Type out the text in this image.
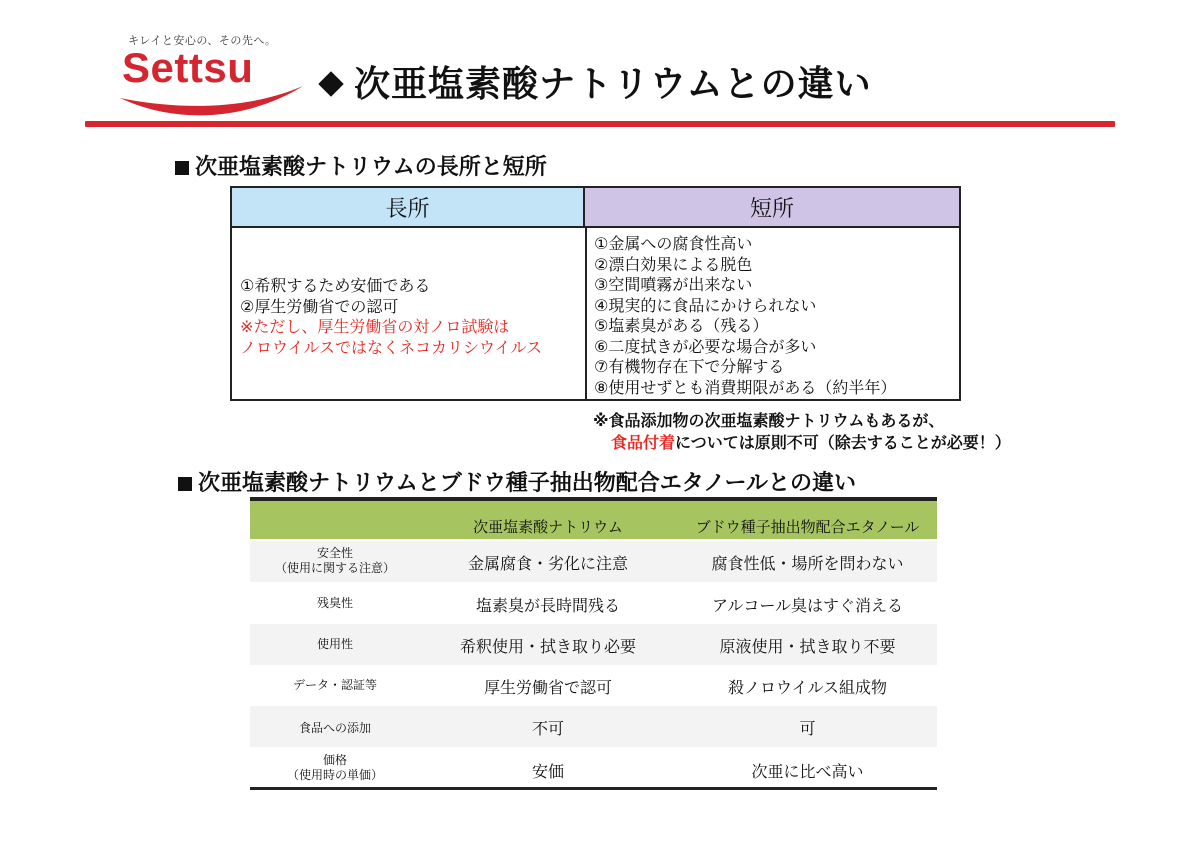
キレイと安心の、その先へ。
Settsu	次亜塩素酸ナトリウムとの違い
次亜塩素酸ナトリウムの長所と短所
長所	短所
①希釈するため安価である
②厚生労働省での認可
※ただし、厚生労働省の対ノロ試験は
ノロウイルスではなくネコカリシウイルス
①金属への腐食性高い
②漂白効果による脱色
③空間噴霧が出来ない
④現実的に食品にかけられない
⑤塩素臭がある（残る）
⑥二度拭きが必要な場合が多い
⑦有機物存在下で分解する
⑧使用せずとも消費期限がある（約半年）
※食品添加物の次亜塩素酸ナトリウムもあるが、
食品付着については原則不可（除去することが必要！）
次亜塩素酸ナトリウムとブドウ種子抽出物配合エタノールとの違い
次亜塩素酸ナトリウム	ブドウ種子抽出物配合エタノール
安全性
（使用に関する注意）	金属腐食・劣化に注意	腐食性低・場所を問わない
残臭性	塩素臭が長時間残る	アルコール臭はすぐ消える
使用性	希釈使用・拭き取り必要	原液使用・拭き取り不要
データ・認証等	厚生労働省で認可	殺ノロウイルス組成物
食品への添加	不可	可
価格
（使用時の単価）	安価	次亜に比べ高い
